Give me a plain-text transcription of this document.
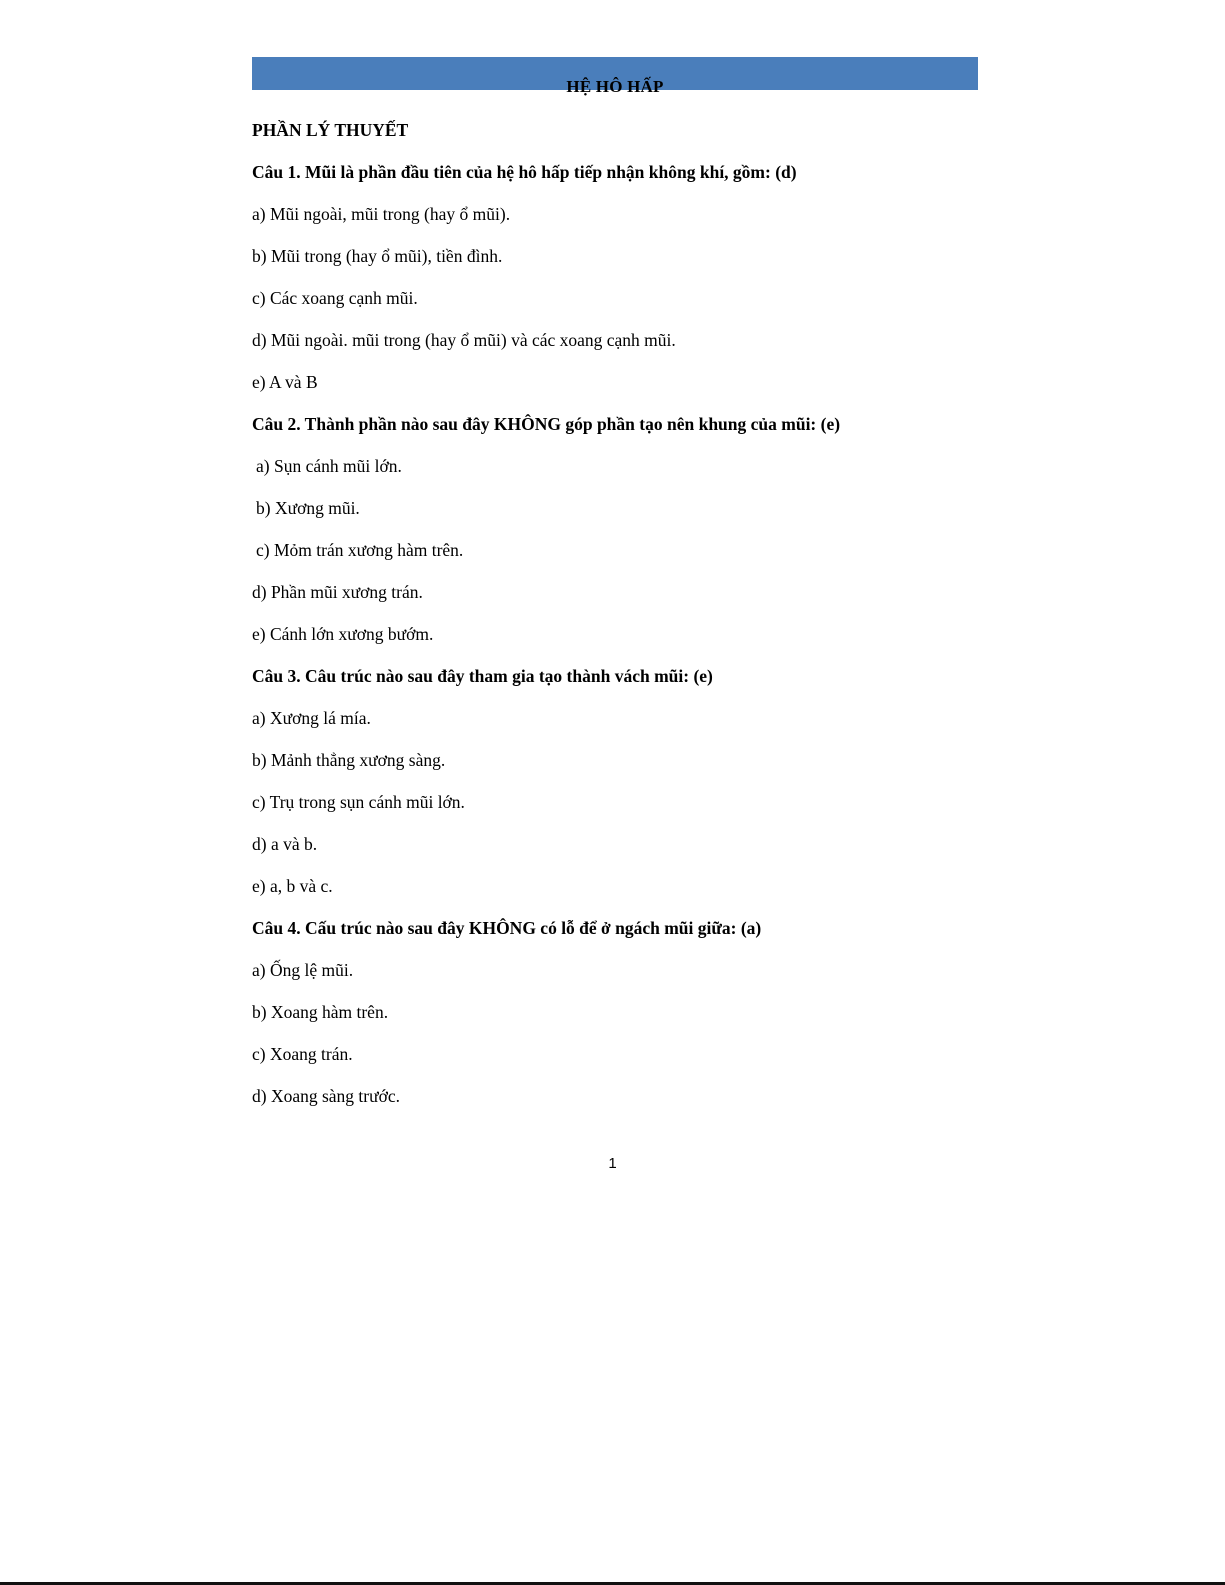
HỆ HÔ HẤP
PHẦN LÝ THUYẾT
Câu 1. Mũi là phần đầu tiên của hệ hô hấp tiếp nhận không khí, gồm: (d)
a) Mũi ngoài, mũi trong (hay ổ mũi).
b) Mũi trong (hay ổ mũi), tiền đình.
c) Các xoang cạnh mũi.
d) Mũi ngoài. mũi trong (hay ổ mũi) và các xoang cạnh mũi.
e) A và B
Câu 2. Thành phần nào sau đây KHÔNG góp phần tạo nên khung của mũi: (e)
a) Sụn cánh mũi lớn.
b) Xương mũi.
c) Mỏm trán xương hàm trên.
d) Phần mũi xương trán.
e) Cánh lớn xương bướm.
Câu 3. Câu trúc nào sau đây tham gia tạo thành vách mũi: (e)
a) Xương lá mía.
b) Mảnh thẳng xương sàng.
c) Trụ trong sụn cánh mũi lớn.
d) a và b.
e) a, b và c.
Câu 4. Cấu trúc nào sau đây KHÔNG có lỗ để ở ngách mũi giữa: (a)
a) Ống lệ mũi.
b) Xoang hàm trên.
c) Xoang trán.
d) Xoang sàng trước.
1
